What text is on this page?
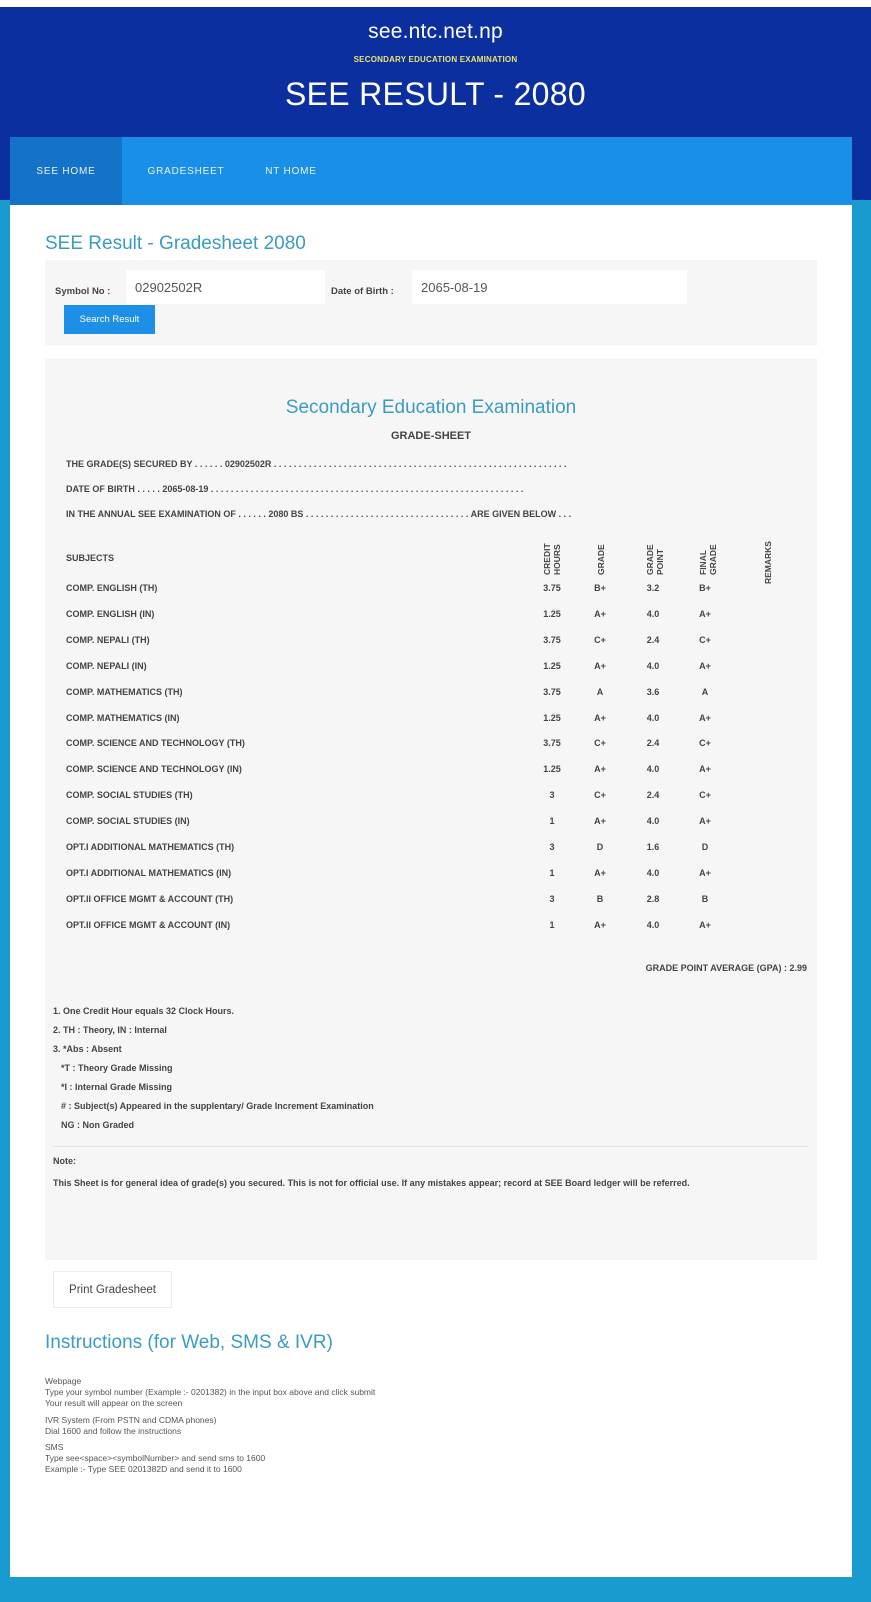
see.ntc.net.np
SECONDARY EDUCATION EXAMINATION
SEE RESULT - 2080
SEE HOME	GRADESHEET	NT HOME
SEE Result - Gradesheet 2080
Symbol No :
02902502R	Date of Birth :
2065-08-19
Search Result
Secondary Education Examination
GRADE-SHEET
THE GRADE(S) SECURED BY . . . . . . 02902502R . . . . . . . . . . . . . . . . . . . . . . . . . . . . . . . . . . . . . . . . . . . . . . . . . . . . . . . . . . .
DATE OF BIRTH . . . . . 2065-08-19 . . . . . . . . . . . . . . . . . . . . . . . . . . . . . . . . . . . . . . . . . . . . . . . . . . . . . . . . . . . . . . .
IN THE ANNUAL SEE EXAMINATION OF . . . . . . 2080 BS . . . . . . . . . . . . . . . . . . . . . . . . . . . . . . . . . ARE GIVEN BELOW . . .
SUBJECTS	CREDIT HOURS	GRADE	GRADE POINT	FINAL GRADE	REMARKS
COMP. ENGLISH (TH)	3.75	B+	3.2	B+
COMP. ENGLISH (IN)	1.25	A+	4.0	A+
COMP. NEPALI (TH)	3.75	C+	2.4	C+
COMP. NEPALI (IN)	1.25	A+	4.0	A+
COMP. MATHEMATICS (TH)	3.75	A	3.6	A
COMP. MATHEMATICS (IN)	1.25	A+	4.0	A+
COMP. SCIENCE AND TECHNOLOGY (TH)	3.75	C+	2.4	C+
COMP. SCIENCE AND TECHNOLOGY (IN)	1.25	A+	4.0	A+
COMP. SOCIAL STUDIES (TH)	3	C+	2.4	C+
COMP. SOCIAL STUDIES (IN)	1	A+	4.0	A+
OPT.I ADDITIONAL MATHEMATICS (TH)	3	D	1.6	D
OPT.I ADDITIONAL MATHEMATICS (IN)	1	A+	4.0	A+
OPT.II OFFICE MGMT & ACCOUNT (TH)	3	B	2.8	B
OPT.II OFFICE MGMT & ACCOUNT (IN)	1	A+	4.0	A+
GRADE POINT AVERAGE (GPA) : 2.99
1. One Credit Hour equals 32 Clock Hours.
2. TH : Theory, IN : Internal
3. *Abs : Absent
*T : Theory Grade Missing
*I : Internal Grade Missing
# : Subject(s) Appeared in the supplentary/ Grade Increment Examination
NG : Non Graded
Note:
This Sheet is for general idea of grade(s) you secured. This is not for official use. If any mistakes appear; record at SEE Board ledger will be referred.
Print Gradesheet
Instructions (for Web, SMS & IVR)
Webpage
Type your symbol number (Example :- 0201382) in the input box above and click submit
Your result will appear on the screen
IVR System (From PSTN and CDMA phones)
Dial 1600 and follow the instructions
SMS
Type see<space><symbolNumber> and send sms to 1600
Example :- Type SEE 0201382D and send it to 1600
